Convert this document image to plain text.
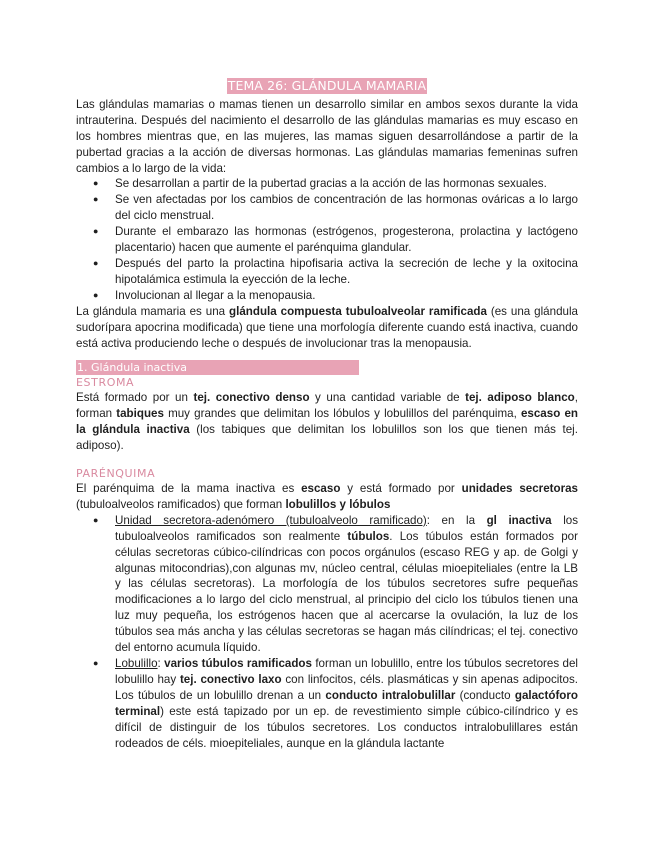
TEMA 26: GLÁNDULA MAMARIA

Las glándulas mamarias o mamas tienen un desarrollo similar en ambos sexos durante la vida intrauterina. Después del nacimiento el desarrollo de las glándulas mamarias es muy escaso en los hombres mientras que, en las mujeres, las mamas siguen desarrollándose a partir de la pubertad gracias a la acción de diversas hormonas. Las glándulas mamarias femeninas sufren cambios a lo largo de la vida:

● Se desarrollan a partir de la pubertad gracias a la acción de las hormonas sexuales.
● Se ven afectadas por los cambios de concentración de las hormonas ováricas a lo largo del ciclo menstrual.
● Durante el embarazo las hormonas (estrógenos, progesterona, prolactina y lactógeno placentario) hacen que aumente el parénquima glandular.
● Después del parto la prolactina hipofisaria activa la secreción de leche y la oxitocina hipotalámica estimula la eyección de la leche.
● Involucionan al llegar a la menopausia.

La glándula mamaria es una glándula compuesta tubuloalveolar ramificada (es una glándula sudorípara apocrina modificada) que tiene una morfología diferente cuando está inactiva, cuando está activa produciendo leche o después de involucionar tras la menopausia.

1. Glándula inactiva
ESTROMA

Está formado por un tej. conectivo denso y una cantidad variable de tej. adiposo blanco, forman tabiques muy grandes que delimitan los lóbulos y lobulillos del parénquima, escaso en la glándula inactiva (los tabiques que delimitan los lobulillos son los que tienen más tej. adiposo).

PARÉNQUIMA

El parénquima de la mama inactiva es escaso y está formado por unidades secretoras (tubuloalveolos ramificados) que forman lobulillos y lóbulos

● Unidad secretora-adenómero (tubuloalveolo ramificado): en la gl inactiva los tubuloalveolos ramificados son realmente túbulos. Los túbulos están formados por células secretoras cúbico-cilíndricas con pocos orgánulos (escaso REG y ap. de Golgi y algunas mitocondrias),con algunas mv, núcleo central, células mioepiteliales (entre la LB y las células secretoras). La morfología de los túbulos secretores sufre pequeñas modificaciones a lo largo del ciclo menstrual, al principio del ciclo los túbulos tienen una luz muy pequeña, los estrógenos hacen que al acercarse la ovulación, la luz de los túbulos sea más ancha y las células secretoras se hagan más cilíndricas; el tej. conectivo del entorno acumula líquido.
● Lobulillo: varios túbulos ramificados forman un lobulillo, entre los túbulos secretores del lobulillo hay tej. conectivo laxo con linfocitos, céls. plasmáticas y sin apenas adipocitos. Los túbulos de un lobulillo drenan a un conducto intralobulillar (conducto galactóforo terminal) este está tapizado por un ep. de revestimiento simple cúbico-cilíndrico y es difícil de distinguir de los túbulos secretores. Los conductos intralobulillares están rodeados de céls. mioepiteliales, aunque en la glándula lactante
